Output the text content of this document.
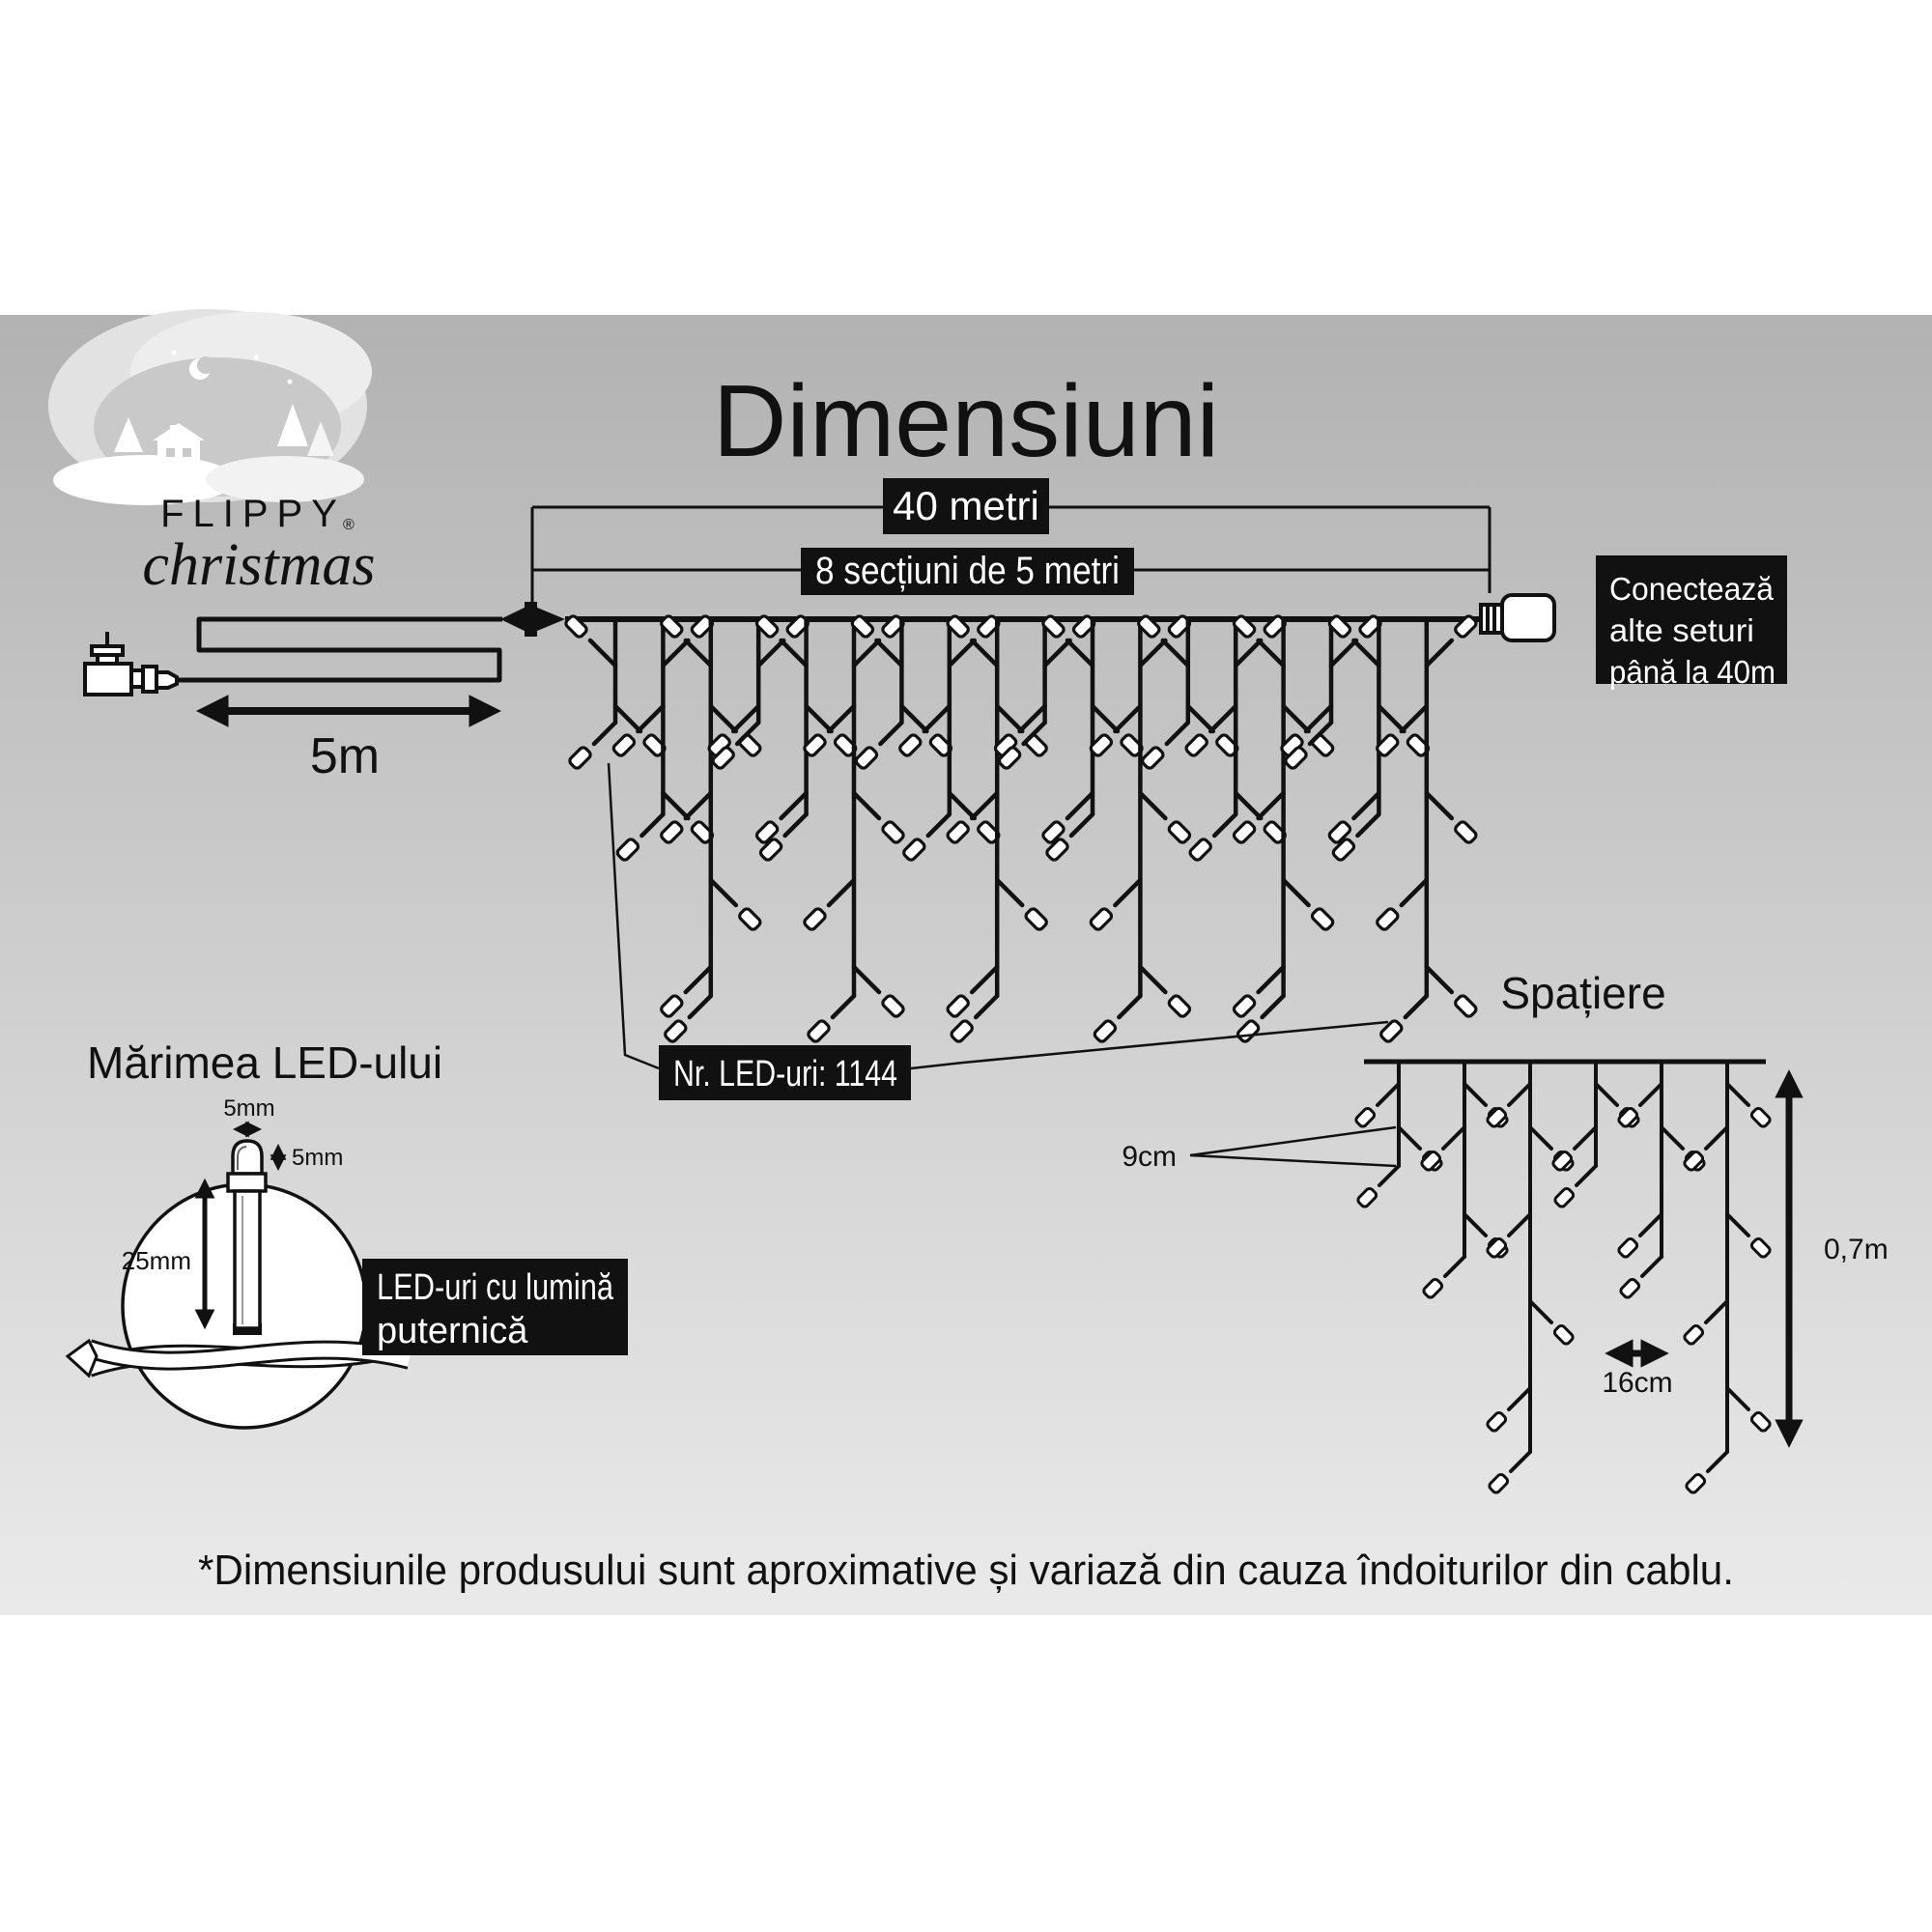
FLIPPY
®
christmas
Dimensiuni
40 metri
8 secțiuni de 5 metri
5m
Conectează
alte seturi
până la 40m
Nr. LED-uri: 1144
Spațiere
9cm
0,7m
16cm
Mărimea LED-ului
5mm
5mm
25mm
LED-uri cu lumină
puternică
*Dimensiunile produsului sunt aproximative și variază din cauza îndoiturilor din cablu.
